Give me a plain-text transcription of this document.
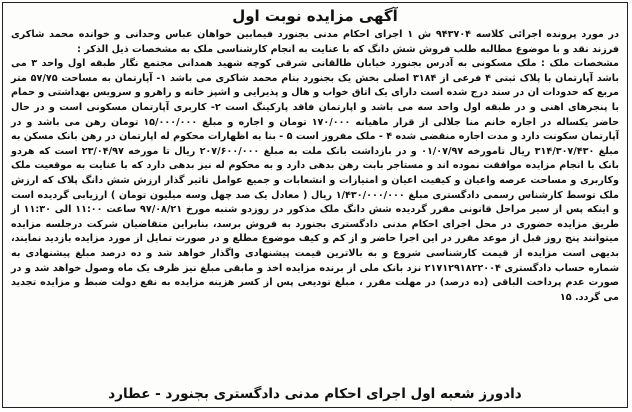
آگهی مزایده نوبت اول

در مورد پرونده اجرائی کلاسه ۹۴۳۷۰۴ ش ۱ اجرای احکام مدنی بجنورد فیمابین خواهان عباس وحدانی و خوانده محمد شاکری فرزند نقد و با موضوع مطالبه طلب فروش شش دانگ که با عنایت به انجام کارشناسی ملک به مشخصات ذیل الذکر :

مشخصات ملک : ملک مسکونی به آدرس بجنورد خیابان طالقانی شرقی کوچه شهید همدانی مجتمع نگار طبقه اول واحد ۳ می باشد آپارتمان با پلاک ثبتی ۴ فرعی از ۳۱۸۴ اصلی بخش یک بجنورد بنام محمد شاکری می باشد ۱- آپارتمان به مساحت ۵۷/۷۵ متر مربع که حدودات ان در سند درج شده است دارای یک اتاق خواب و هال و پذیرایی و اشپز خانه و راهرو و سرویس بهداشتی و حمام با پنجرهای اهنی و در طبقه اول واحد سه می باشد و اپارتمان فاقد پارکینگ است ۲- کاربری آپارتمان مسکونی است و در حال حاضر یکساله در اجاره خانم منا جلالی از قرار ماهیانه ۱۷۰/۰۰۰ تومان و اجاره و مبلغ ۱۵/۰۰۰/۰۰۰ تومان رهن می باشد و در آپارتمان سکونت دارد و مدت اجاره منقضی شده ۴ - ملک مفروز است ۵ - بنا به اظهارات محکوم له اپارتمان در رهن بانک مسکن به مبلغ ۳۱۴/۳۰۷/۴۳۰ ریال تامورخه ۰۱/۰۷/۹۷ و در بازداشت بانک ملت به مبلغ ۲۰۷/۶۰۰/۰۰۰ ریال تا مورخه ۲۳/۰۴/۹۷ است که هردو بانک با انجام مزایده موافقت نموده اند و مستاجر بابت رهن بدهی دارد و به محکوم له نیز بدهی دارد که با عنایت به موقعیت ملک وکاربری و مساحت عرصه واعیان و کیفیت اعیان و امتیازات و انشعابات و جمیع عوامل تاثیر گذار ارزش شش دانگ پلاک که ارزش ملک توسط کارشناس رسمی دادگستری مبلغ ۱/۴۳۰/۰۰۰/۰۰۰ ریال ( معادل یک صد چهل وسه میلیون تومان ) ارزیابی گردیده است و اینکه پس از سیر مراحل قانونی مقرر گردیده شش دانگ ملک مذکور در روزدو شنبه مورخ ۹۷/۰۸/۲۱ ساعت ۱۱:۰۰ الی ۱۱:۳۰ از طریق مزایده حضوری در محل اجرای احکام مدنی دادگستری بجنورد به فروش برسد، بنابراین متقاضیان شرکت درجلسه مزایده میتوانند پنج روز قبل از موعد مقرر در این اجرا حاضر و از کم و کیف موضوع مطلع و در صورت تمایل از مورد مزایده بازدید نمایند، بدیهی است مزایده از قیمت کارشناسی شروع و به بالاترین قیمت پیشنهادی واگذار خواهد شد و ده درصد مبلغ پیشنهادی به شماره حساب دادگستری ۲۱۷۱۲۹۱۸۲۲۰۰۴ نزد بانک ملی از برنده مزایده اخذ و مابقی مبلغ نیز ظرف یک ماه وصول خواهد شد و در صورت عدم پرداخت الباقی (ده درصد) در مهلت مقرر ، مبلغ تودیعی پس از کسر هزینه مزایده به نفع دولت ضبط و مزایده تجدید می گردد. ۱۵

دادورز شعبه اول اجرای احکام مدنی دادگستری بجنورد - عطارد
